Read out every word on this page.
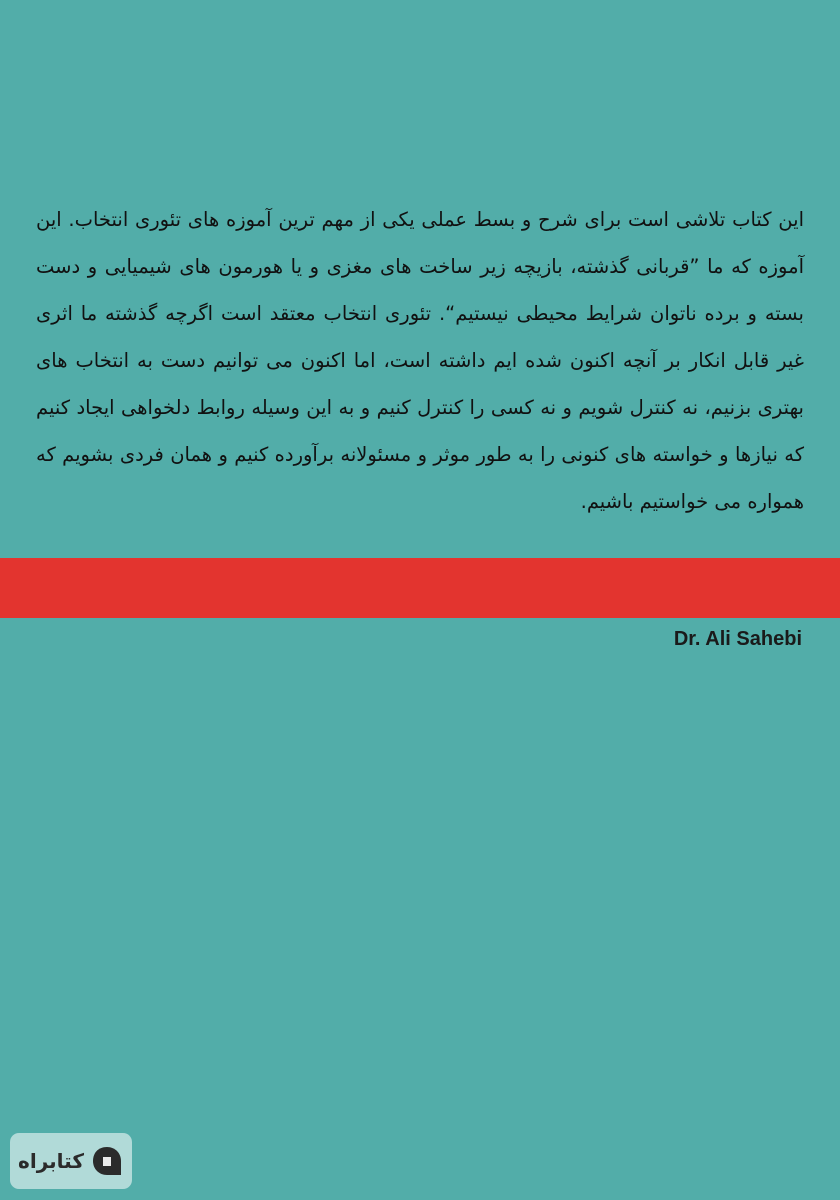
این کتاب تلاشی است برای شرح و بسط عملی یکی از مهم ترین آموزه های تئوری انتخاب. این آموزه که ما ”قربانی گذشته، بازیچه زیر ساخت های مغزی و یا هورمون های شیمیایی و دست بسته و برده ناتوان شرایط محیطی نیستیم“. تئوری انتخاب معتقد است اگرچه گذشته ما اثری غیر قابل انکار بر آنچه اکنون شده ایم داشته است، اما اکنون می توانیم دست به انتخاب های بهتری بزنیم، نه کنترل شویم و نه کسی را کنترل کنیم و به این وسیله روابط دلخواهی ایجاد کنیم که نیازها و خواسته های کنونی را به طور موثر و مسئولانه برآورده کنیم و همان فردی بشویم که همواره می خواستیم باشیم.

Dr. Ali Sahebi

کتابراه
